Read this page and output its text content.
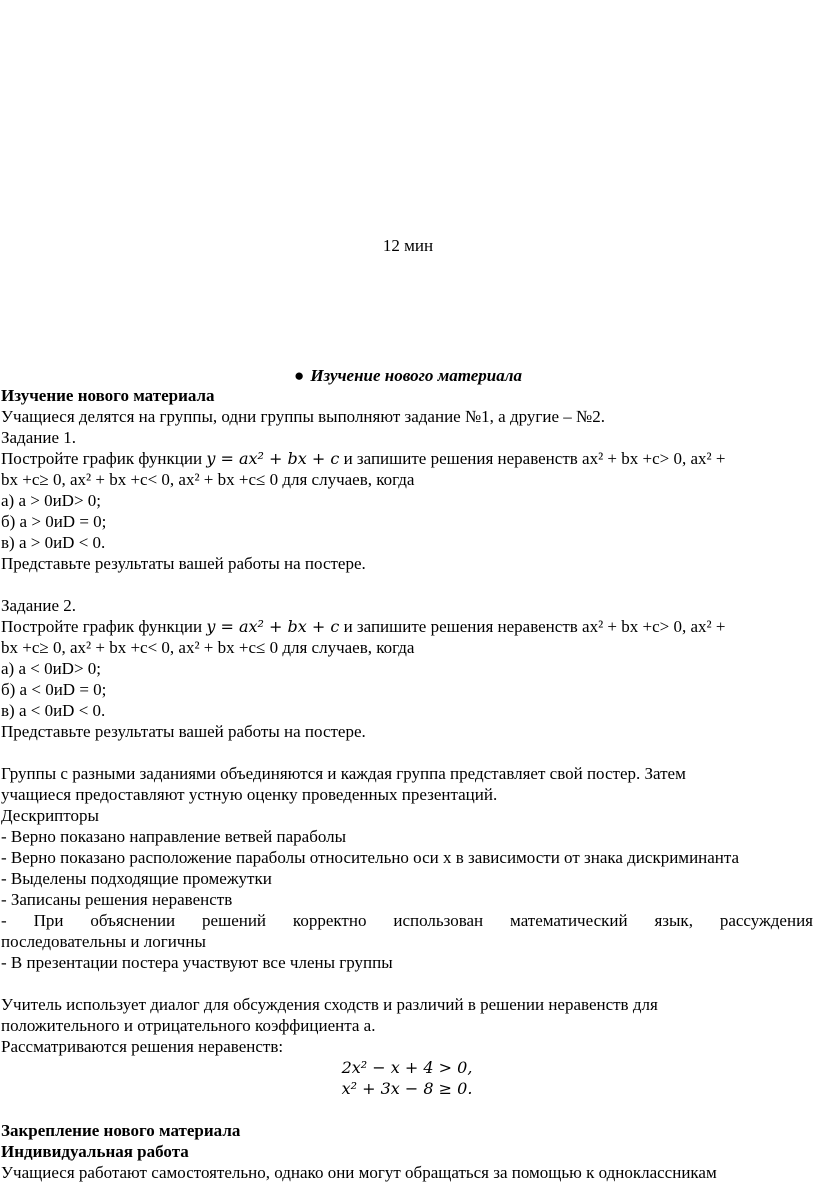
12 мин
● Изучение нового материала
Изучение нового материала
Учащиеся делятся на группы, одни группы выполняют задание №1, а другие – №2.
Задание 1.
Постройте график функции y = ax² + bx + c и запишите решения неравенств ax² + bx +c> 0, ax² +
bx +c≥ 0, ax² + bx +c< 0, ax² + bx +c≤ 0 для случаев, когда
а) a > 0иD> 0;
б) a > 0иD = 0;
в) a > 0иD < 0.
Представьте результаты вашей работы на постере.
Задание 2.
Постройте график функции y = ax² + bx + c и запишите решения неравенств ax² + bx +c> 0, ax² +
bx +c≥ 0, ax² + bx +c< 0, ax² + bx +c≤ 0 для случаев, когда
а) a < 0иD> 0;
б) a < 0иD = 0;
в) a < 0иD < 0.
Представьте результаты вашей работы на постере.
Группы с разными заданиями объединяются и каждая группа представляет свой постер. Затем
учащиеся предоставляют устную оценку проведенных презентаций.
Дескрипторы
- Верно показано направление ветвей параболы
- Верно показано расположение параболы относительно оси x в зависимости от знака дискриминанта
- Выделены подходящие промежутки
- Записаны решения неравенств
- При объяснении решений корректно использован математический язык, рассуждения
последовательны и логичны
- В презентации постера участвуют все члены группы
Учитель использует диалог для обсуждения сходств и различий в решении неравенств для
положительного и отрицательного коэффициента a.
Рассматриваются решения неравенств:
2x² − x + 4 > 0,
x² + 3x − 8 ≥ 0.
Закрепление нового материала
Индивидуальная работа
Учащиеся работают самостоятельно, однако они могут обращаться за помощью к одноклассникам
